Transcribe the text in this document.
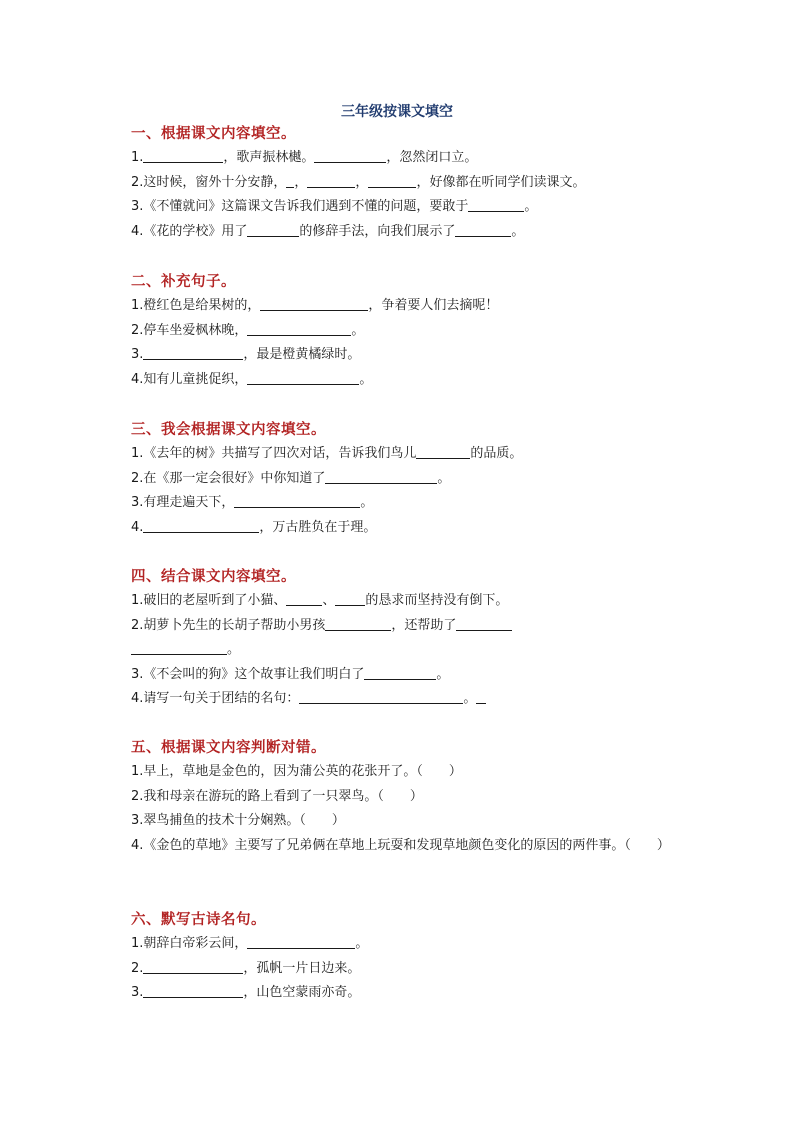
三年级按课文填空
一、根据课文内容填空。
1.	，歌声振林樾。	，忽然闭口立。
2.这时候，窗外十分安静， ，	，	，好像都在听同学们读课文。
3.《不懂就问》这篇课文告诉我们遇到不懂的问题，要敢于	。
4.《花的学校》用了	的修辞手法，向我们展示了	。
二、补充句子。
1.橙红色是给果树的，	，争着要人们去摘呢！
2.停车坐爱枫林晚，	。
3.	，最是橙黄橘绿时。
4.知有儿童挑促织，	。
三、我会根据课文内容填空。
1.《去年的树》共描写了四次对话，告诉我们鸟儿	的品质。
2.在《那一定会很好》中你知道了	。
3.有理走遍天下，	。
4.	，万古胜负在于理。
四、结合课文内容填空。
1.破旧的老屋听到了小猫、	、 的恳求而坚持没有倒下。
2.胡萝卜先生的长胡子帮助小男孩	，还帮助了
。
3.《不会叫的狗》这个故事让我们明白了	。
4.请写一句关于团结的名句：	。
五、根据课文内容判断对错。
1.早上，草地是金色的，因为蒲公英的花张开了。（　　）
2.我和母亲在游玩的路上看到了一只翠鸟。（　　）
3.翠鸟捕鱼的技术十分娴熟。（　　）
4.《金色的草地》主要写了兄弟俩在草地上玩耍和发现草地颜色变化的原因的两件事。（　　）
六、默写古诗名句。
1.朝辞白帝彩云间，	。
2.	，孤帆一片日边来。
3.	，山色空蒙雨亦奇。
